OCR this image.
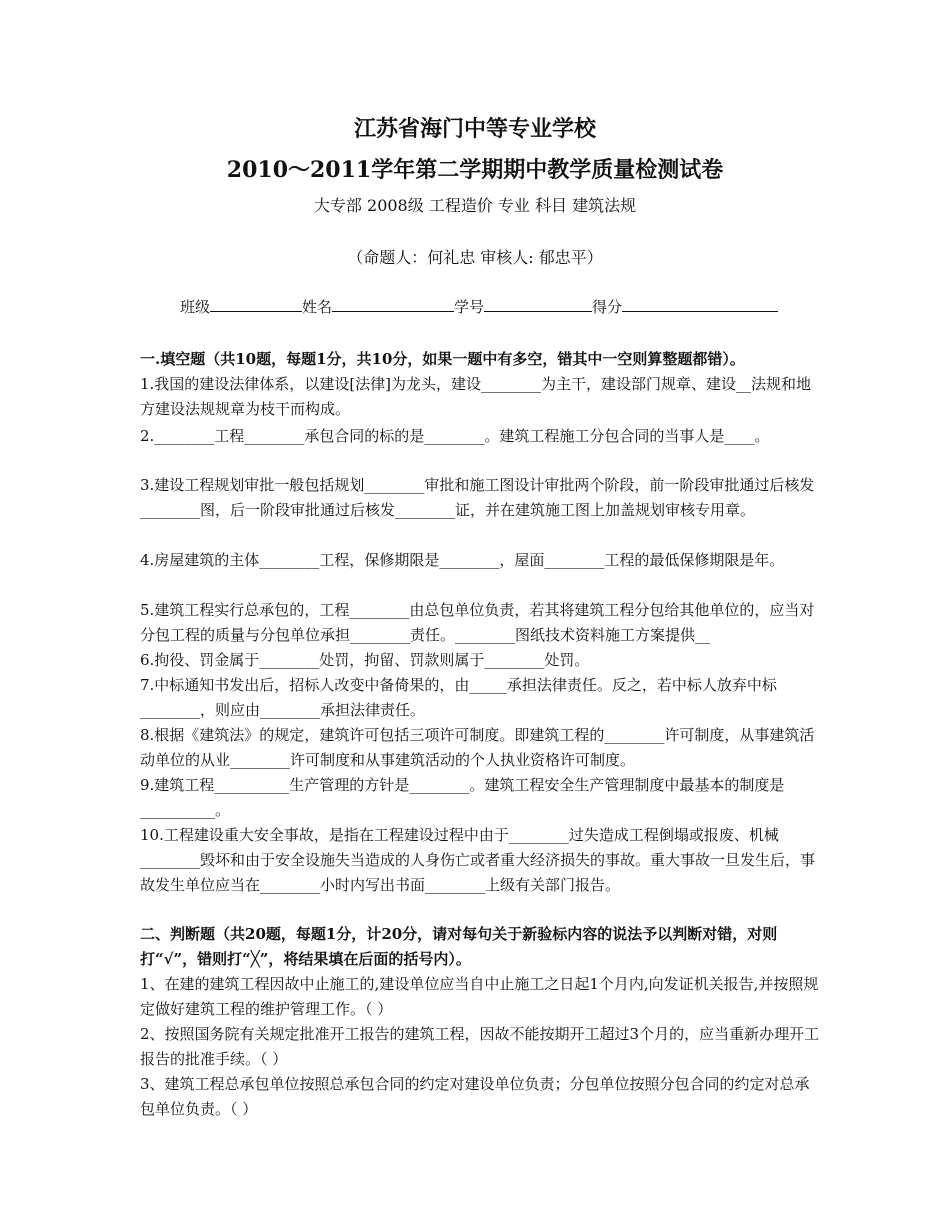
江苏省海门中等专业学校
2010～2011学年第二学期期中教学质量检测试卷
大专部 2008级 工程造价 专业 科目 建筑法规
（命题人：何礼忠 审核人: 郁忠平）
班级	姓名	学号	得分
一.填空题（共10题，每题1分，共10分，如果一题中有多空，错其中一空则算整题都错）。
1.我国的建设法律体系，以建设[法律]为龙头，建设________为主干，建设部门规章、建设__法规和地方建设法规规章为枝干而构成。
2.________工程________承包合同的标的是________。建筑工程施工分包合同的当事人是____。
3.建设工程规划审批一般包括规划________审批和施工图设计审批两个阶段，前一阶段审批通过后核发________图，后一阶段审批通过后核发________证，并在建筑施工图上加盖规划审核专用章。
4.房屋建筑的主体________工程，保修期限是________，屋面________工程的最低保修期限是年。
5.建筑工程实行总承包的，工程________由总包单位负责，若其将建筑工程分包给其他单位的，应当对分包工程的质量与分包单位承担________责任。________图纸技术资料施工方案提供__
6.拘役、罚金属于________处罚，拘留、罚款则属于________处罚。
7.中标通知书发出后，招标人改变中备倚果的，由_____承担法律责任。反之，若中标人放弃中标________，则应由________承担法律责任。
8.根据《建筑法》的规定，建筑许可包括三项许可制度。即建筑工程的________许可制度，从事建筑活动单位的从业________许可制度和从事建筑活动的个人执业资格许可制度。
9.建筑工程__________生产管理的方针是________。建筑工程安全生产管理制度中最基本的制度是__________。
10.工程建设重大安全事故，是指在工程建设过程中由于________过失造成工程倒塌或报废、机械________毁坏和由于安全设施失当造成的人身伤亡或者重大经济损失的事故。重大事故一旦发生后，事故发生单位应当在________小时内写出书面________上级有关部门报告。
二、判断题（共20题，每题1分，计20分，请对每句关于新验标内容的说法予以判断对错，对则打“√”，错则打“╳”，将结果填在后面的括号内）。
1、在建的建筑工程因故中止施工的,建设单位应当自中止施工之日起1个月内,向发证机关报告,并按照规定做好建筑工程的维护管理工作。（ ）
2、按照国务院有关规定批准开工报告的建筑工程，因故不能按期开工超过3个月的，应当重新办理开工报告的批准手续。（ ）
3、建筑工程总承包单位按照总承包合同的约定对建设单位负责；分包单位按照分包合同的约定对总承包单位负责。（ ）
